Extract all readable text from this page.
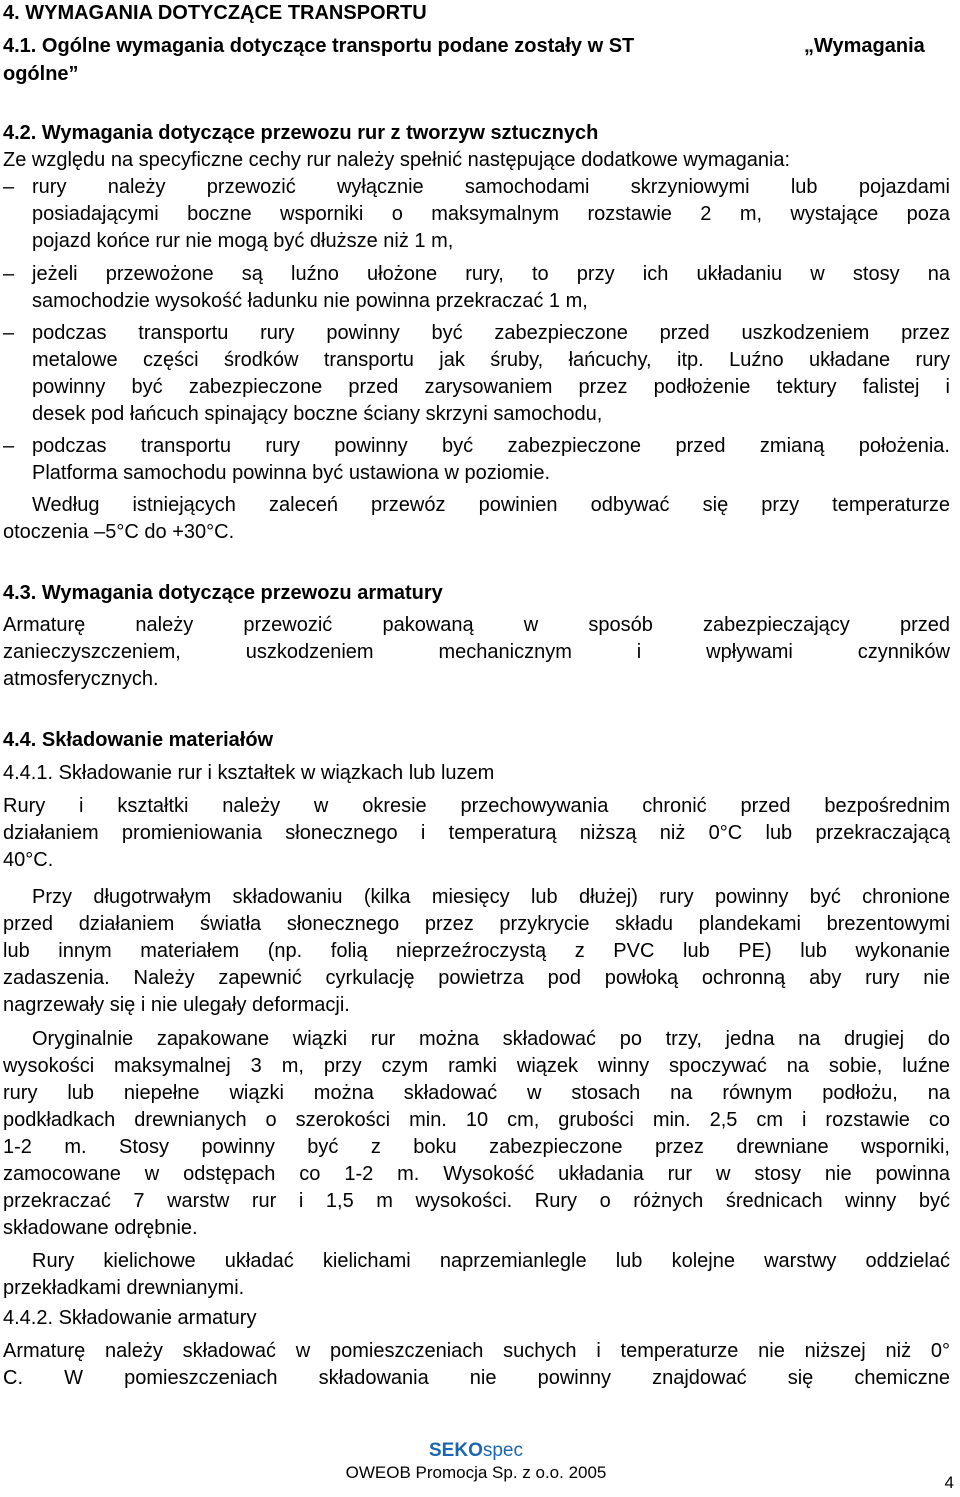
4. WYMAGANIA DOTYCZĄCE TRANSPORTU
4.1. Ogólne wymagania dotyczące transportu podane zostały w ST	„Wymagania
ogólne”
4.2. Wymagania dotyczące przewozu rur z tworzyw sztucznych
Ze względu na specyficzne cechy rur należy spełnić następujące dodatkowe wymagania:
– rury należy przewozić wyłącznie samochodami skrzyniowymi lub pojazdami
posiadającymi boczne wsporniki o maksymalnym rozstawie 2 m, wystające poza
pojazd końce rur nie mogą być dłuższe niż 1 m,
– jeżeli przewożone są luźno ułożone rury, to przy ich układaniu w stosy na
samochodzie wysokość ładunku nie powinna przekraczać 1 m,
– podczas transportu rury powinny być zabezpieczone przed uszkodzeniem przez
metalowe części środków transportu jak śruby, łańcuchy, itp. Luźno układane rury
powinny być zabezpieczone przed zarysowaniem przez podłożenie tektury falistej i
desek pod łańcuch spinający boczne ściany skrzyni samochodu,
– podczas transportu rury powinny być zabezpieczone przed zmianą położenia.
Platforma samochodu powinna być ustawiona w poziomie.
Według istniejących zaleceń przewóz powinien odbywać się przy temperaturze
otoczenia –5°C do +30°C.
4.3. Wymagania dotyczące przewozu armatury
Armaturę należy przewozić pakowaną w sposób zabezpieczający przed
zanieczyszczeniem, uszkodzeniem mechanicznym i wpływami czynników
atmosferycznych.
4.4. Składowanie materiałów
4.4.1. Składowanie rur i kształtek w wiązkach lub luzem
Rury i kształtki należy w okresie przechowywania chronić przed bezpośrednim
działaniem promieniowania słonecznego i temperaturą niższą niż 0°C lub przekraczającą
40°C.
Przy długotrwałym składowaniu (kilka miesięcy lub dłużej) rury powinny być chronione
przed działaniem światła słonecznego przez przykrycie składu plandekami brezentowymi
lub innym materiałem (np. folią nieprzeźroczystą z PVC lub PE) lub wykonanie
zadaszenia. Należy zapewnić cyrkulację powietrza pod powłoką ochronną aby rury nie
nagrzewały się i nie ulegały deformacji.
Oryginalnie zapakowane wiązki rur można składować po trzy, jedna na drugiej do
wysokości maksymalnej 3 m, przy czym ramki wiązek winny spoczywać na sobie, luźne
rury lub niepełne wiązki można składować w stosach na równym podłożu, na
podkładkach drewnianych o szerokości min. 10 cm, grubości min. 2,5 cm i rozstawie co
1-2 m. Stosy powinny być z boku zabezpieczone przez drewniane wsporniki,
zamocowane w odstępach co 1-2 m. Wysokość układania rur w stosy nie powinna
przekraczać 7 warstw rur i 1,5 m wysokości. Rury o różnych średnicach winny być
składowane odrębnie.
Rury kielichowe układać kielichami naprzemianlegle lub kolejne warstwy oddzielać
przekładkami drewnianymi.
4.4.2. Składowanie armatury
Armaturę należy składować w pomieszczeniach suchych i temperaturze nie niższej niż 0°
C. W pomieszczeniach składowania nie powinny znajdować się chemiczne
SEKOspec
OWEOB Promocja Sp. z o.o. 2005
4
